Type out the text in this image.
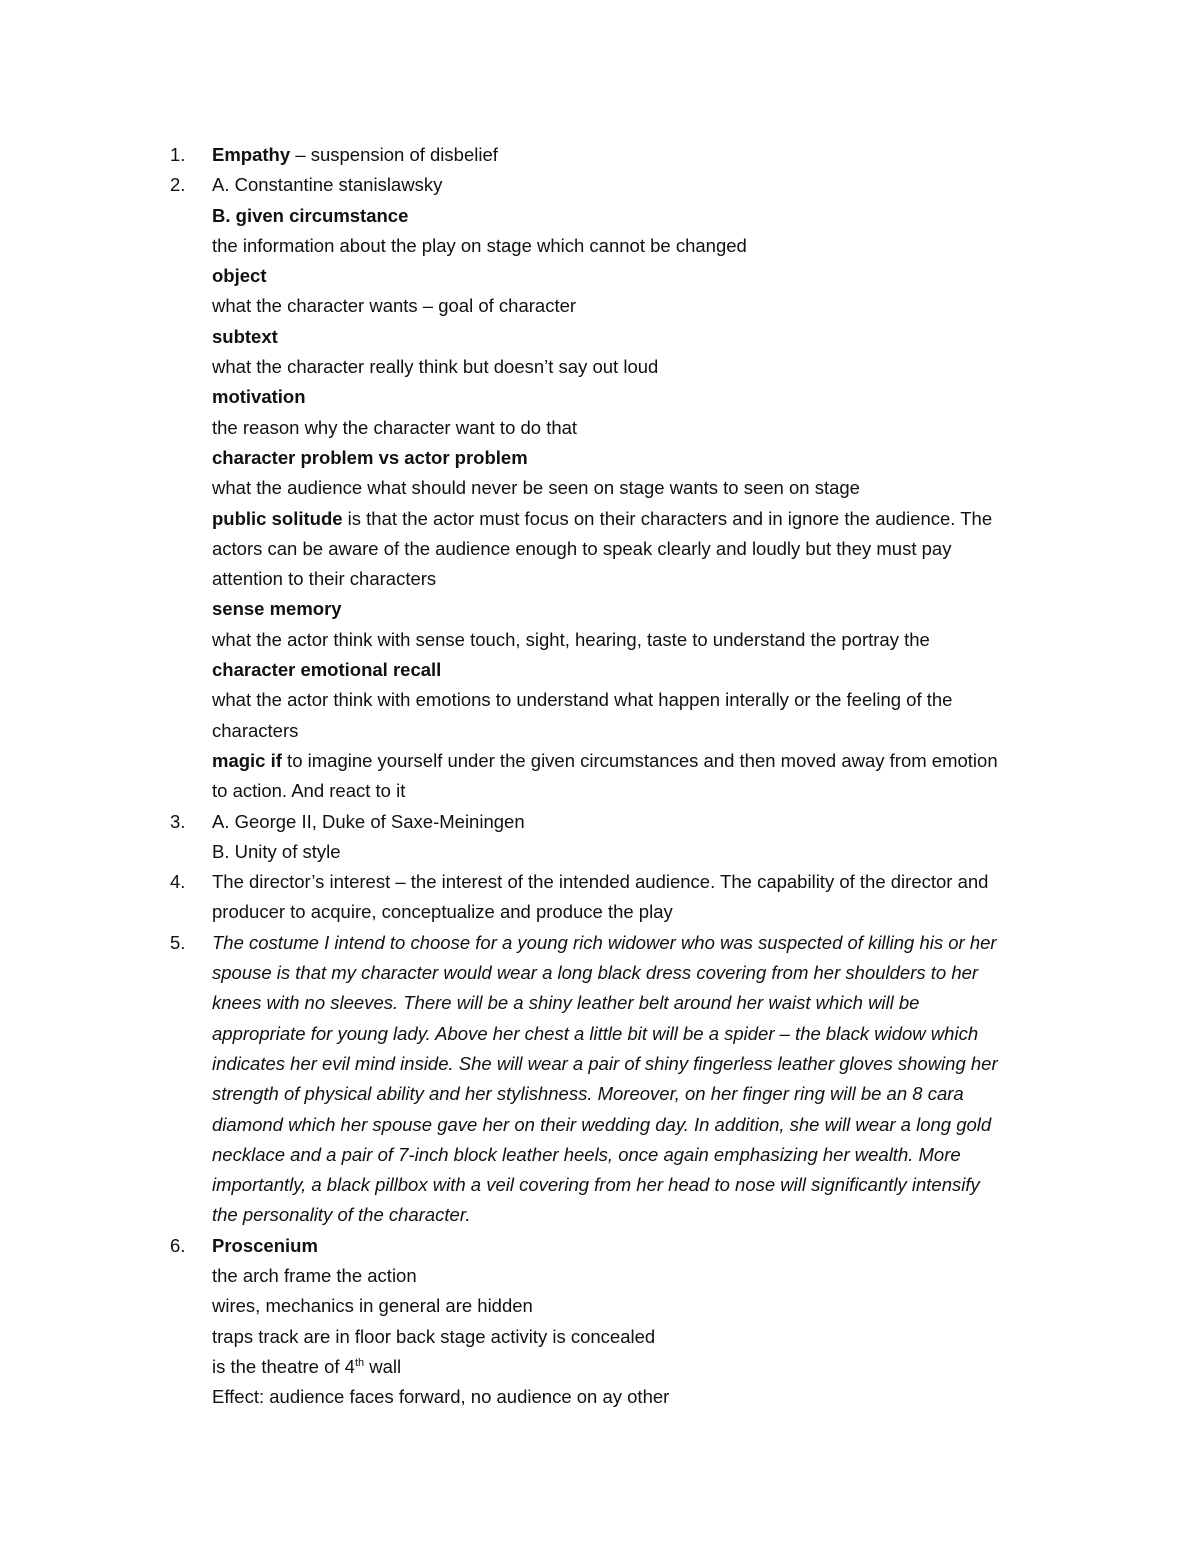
1.	Empathy – suspension of disbelief
2.	A. Constantine stanislawsky
B. given circumstance
the information about the play on stage which cannot be changed
object
what the character wants – goal of character
subtext
what the character really think but doesn’t say out loud
motivation
the reason why the character want to do that
character problem vs actor problem
what the audience what should never be seen on stage wants to seen on stage
public solitude is that the actor must focus on their characters and in ignore the audience. The
actors can be aware of the audience enough to speak clearly and loudly but they must pay
attention to their characters
sense memory
what the actor think with sense touch, sight, hearing, taste to understand the portray the
character emotional recall
what the actor think with emotions to understand what happen interally or the feeling of the
characters
magic if to imagine yourself under the given circumstances and then moved away from emotion
to action. And react to it
3.	A. George II, Duke of Saxe-Meiningen
B. Unity of style
4.	The director’s interest – the interest of the intended audience. The capability of the director and
producer to acquire, conceptualize and produce the play
5.	The costume I intend to choose for a young rich widower who was suspected of killing his or her
spouse is that my character would wear a long black dress covering from her shoulders to her
knees with no sleeves. There will be a shiny leather belt around her waist which will be
appropriate for young lady. Above her chest a little bit will be a spider – the black widow which
indicates her evil mind inside. She will wear a pair of shiny fingerless leather gloves showing her
strength of physical ability and her stylishness. Moreover, on her finger ring will be an 8 cara
diamond which her spouse gave her on their wedding day. In addition, she will wear a long gold
necklace and a pair of 7-inch block leather heels, once again emphasizing her wealth. More
importantly, a black pillbox with a veil covering from her head to nose will significantly intensify
the personality of the character.
6.	Proscenium
the arch frame the action
wires, mechanics in general are hidden
traps track are in floor back stage activity is concealed
is the theatre of 4th wall
Effect: audience faces forward, no audience on ay other
